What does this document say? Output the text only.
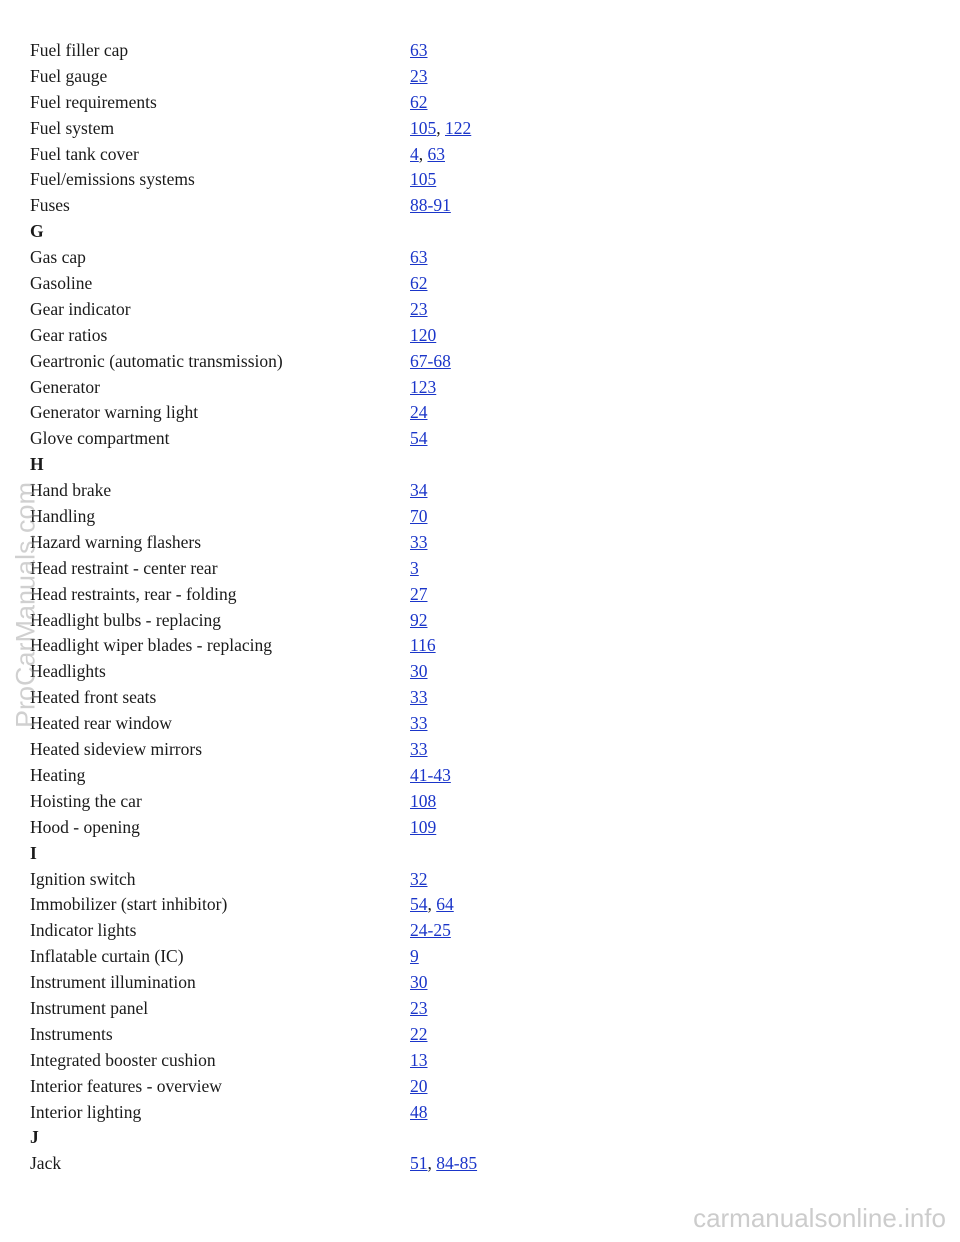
Fuel filler cap	63
Fuel gauge	23
Fuel requirements	62
Fuel system	105, 122
Fuel tank cover	4, 63
Fuel/emissions systems	105
Fuses	88-91
G
Gas cap	63
Gasoline	62
Gear indicator	23
Gear ratios	120
Geartronic (automatic transmission)	67-68
Generator	123
Generator warning light	24
Glove compartment	54
H
Hand brake	34
Handling	70
Hazard warning flashers	33
Head restraint - center rear	3
Head restraints, rear - folding	27
Headlight bulbs - replacing	92
Headlight wiper blades - replacing	116
Headlights	30
Heated front seats	33
Heated rear window	33
Heated sideview mirrors	33
Heating	41-43
Hoisting the car	108
Hood - opening	109
I
Ignition switch	32
Immobilizer (start inhibitor)	54, 64
Indicator lights	24-25
Inflatable curtain (IC)	9
Instrument illumination	30
Instrument panel	23
Instruments	22
Integrated booster cushion	13
Interior features - overview	20
Interior lighting	48
J
Jack	51, 84-85
ProCarManuals.com
carmanualsonline.info
